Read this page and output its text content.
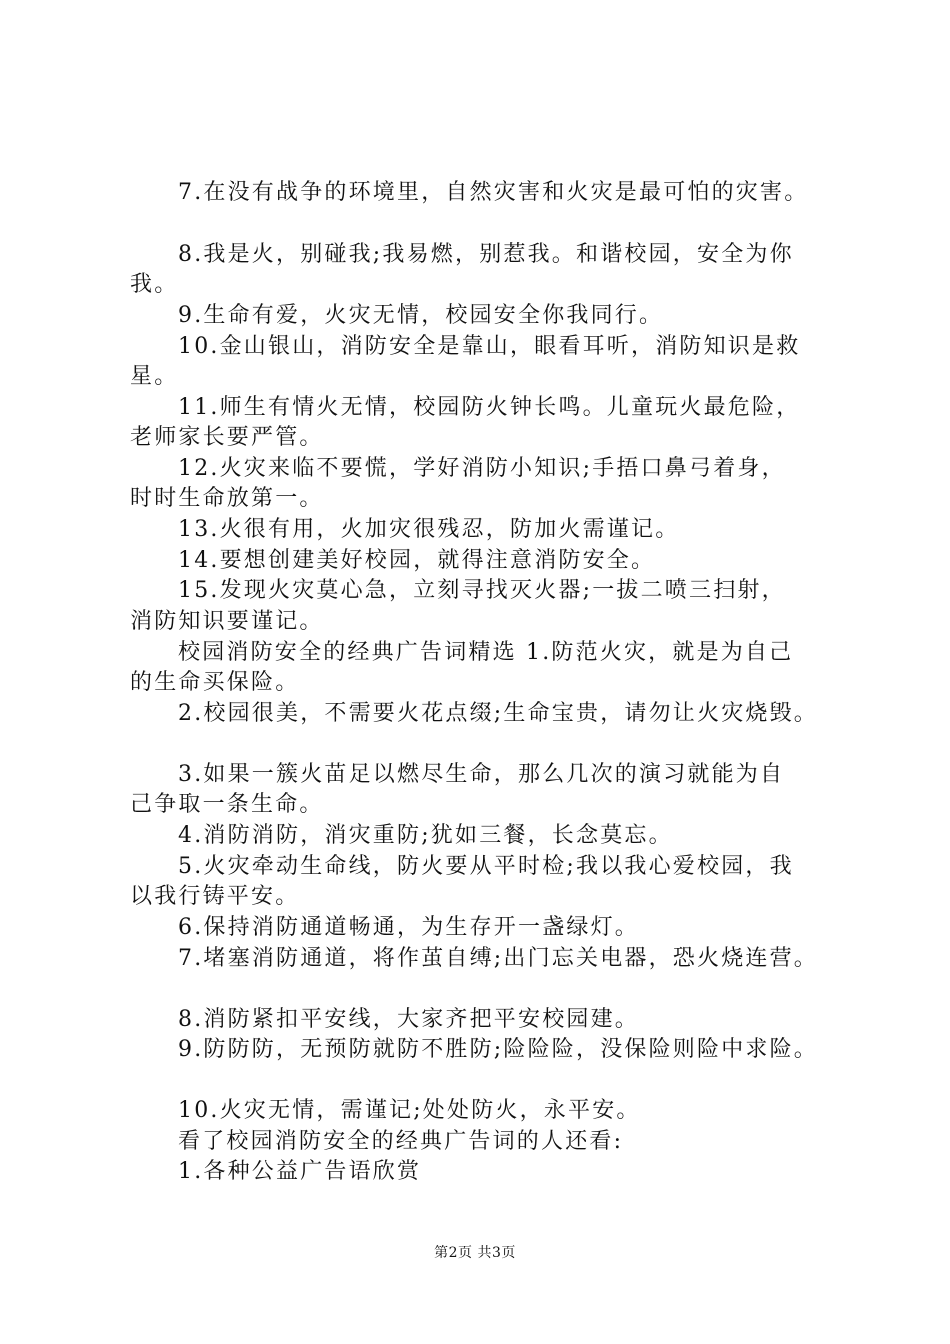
7.在没有战争的环境里，自然灾害和火灾是最可怕的灾害。
8.我是火，别碰我;我易燃，别惹我。和谐校园，安全为你
我。
9.生命有爱，火灾无情，校园安全你我同行。
10.金山银山，消防安全是靠山，眼看耳听，消防知识是救
星。
11.师生有情火无情，校园防火钟长鸣。儿童玩火最危险，
老师家长要严管。
12.火灾来临不要慌，学好消防小知识;手捂口鼻弓着身，
时时生命放第一。
13.火很有用，火加灾很残忍，防加火需谨记。
14.要想创建美好校园，就得注意消防安全。
15.发现火灾莫心急，立刻寻找灭火器;一拔二喷三扫射，
消防知识要谨记。
校园消防安全的经典广告词精选 1.防范火灾，就是为自己
的生命买保险。
2.校园很美，不需要火花点缀;生命宝贵，请勿让火灾烧毁。
3.如果一簇火苗足以燃尽生命，那么几次的演习就能为自
己争取一条生命。
4.消防消防，消灾重防;犹如三餐，长念莫忘。
5.火灾牵动生命线，防火要从平时检;我以我心爱校园，我
以我行铸平安。
6.保持消防通道畅通，为生存开一盏绿灯。
7.堵塞消防通道，将作茧自缚;出门忘关电器，恐火烧连营。
8.消防紧扣平安线，大家齐把平安校园建。
9.防防防，无预防就防不胜防;险险险，没保险则险中求险。
10.火灾无情，需谨记;处处防火，永平安。
看了校园消防安全的经典广告词的人还看:
1.各种公益广告语欣赏
第2页 共3页
